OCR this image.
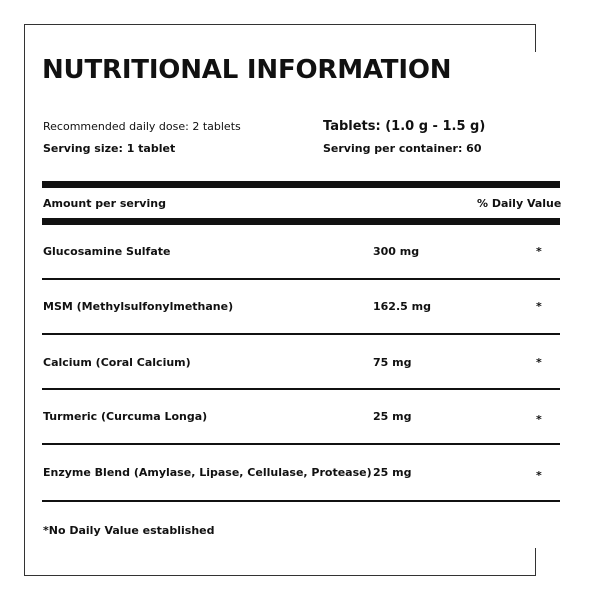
NUTRITIONAL INFORMATION
Recommended daily dose: 2 tablets
Serving size: 1 tablet
Tablets: (1.0 g - 1.5 g)
Serving per container: 60
Amount per serving	% Daily Value
Glucosamine Sulfate	300 mg	*
MSM (Methylsulfonylmethane)	162.5 mg	*
Calcium (Coral Calcium)	75 mg	*
Turmeric (Curcuma Longa)	25 mg	*
Enzyme Blend (Amylase, Lipase, Cellulase, Protease) 25 mg	*
*No Daily Value established
